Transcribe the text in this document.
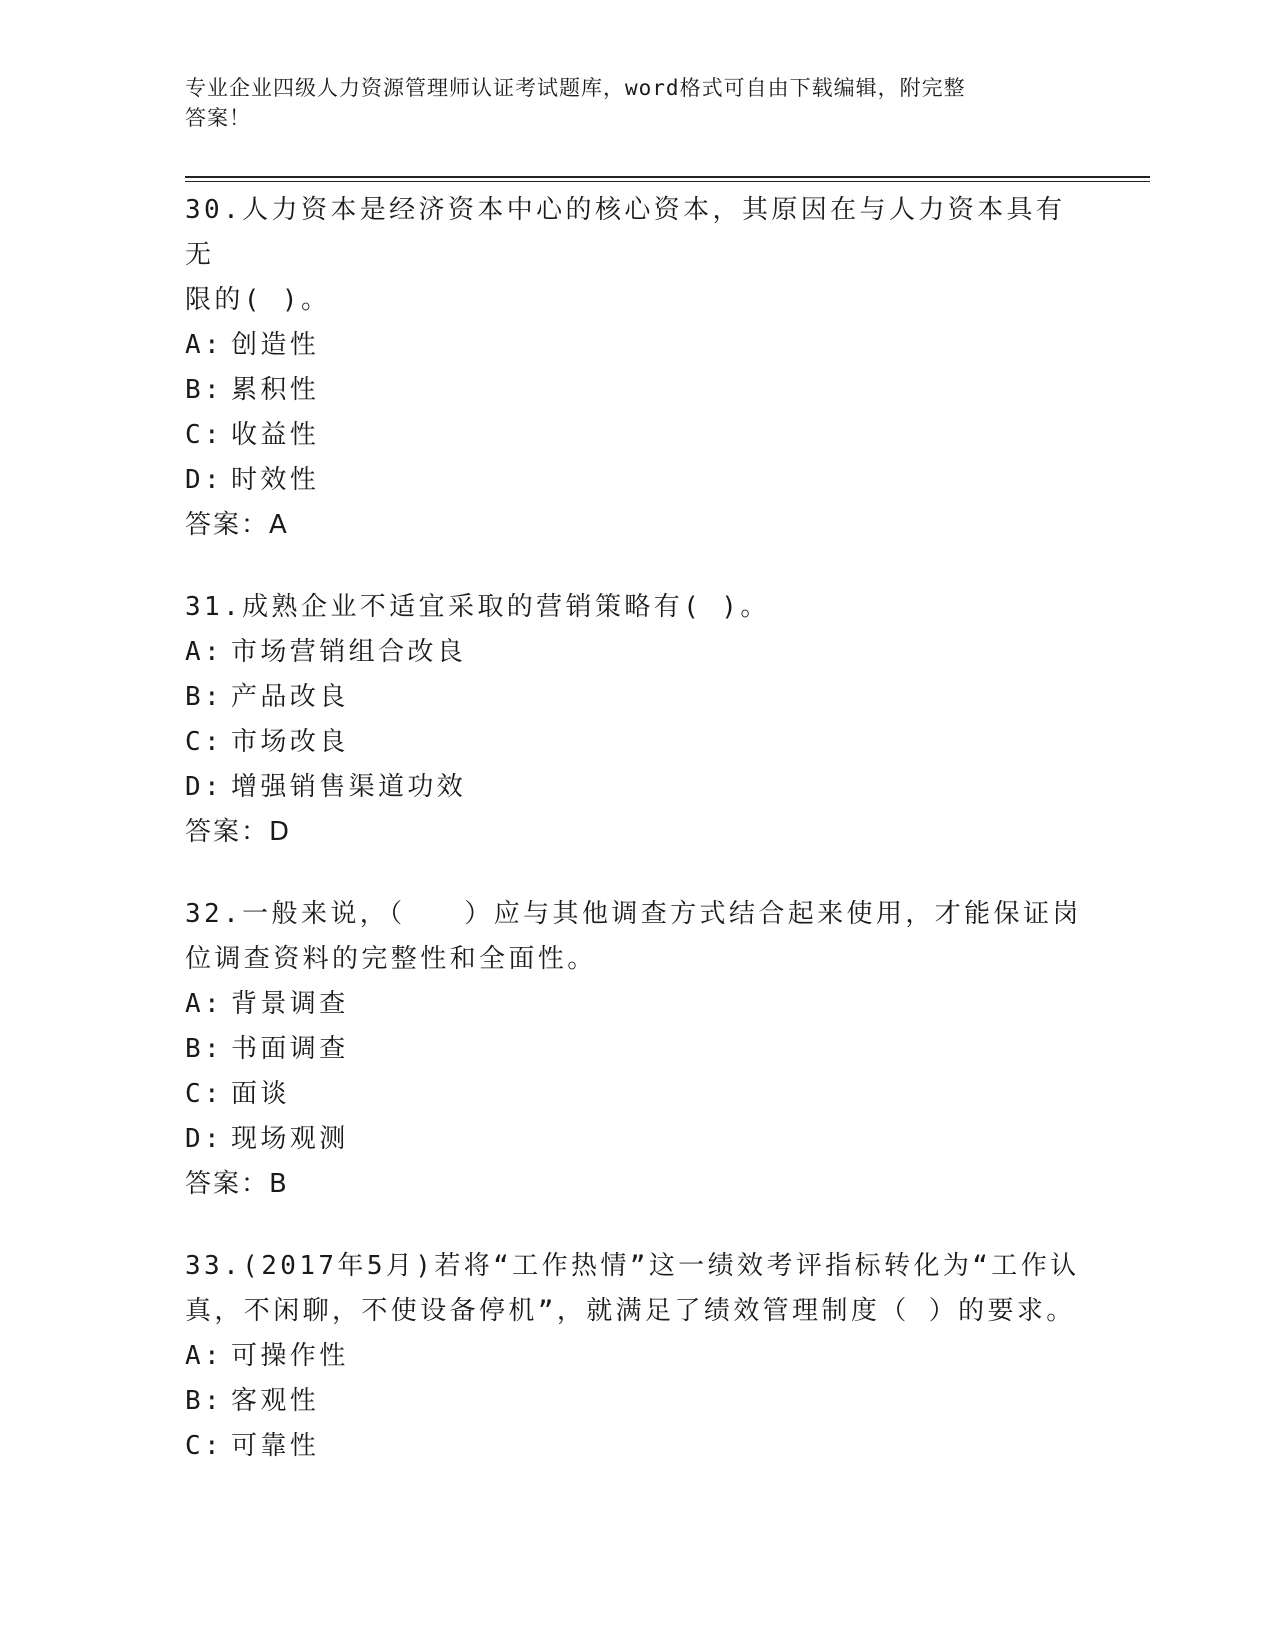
专业企业四级人力资源管理师认证考试题库，word格式可自由下载编辑，附完整
答案！

30.人力资本是经济资本中心的核心资本，其原因在与人力资本具有无
限的( )。

A: 创造性
B: 累积性
C: 收益性
D: 时效性
答案：A

31.成熟企业不适宜采取的营销策略有( )。

A: 市场营销组合改良
B: 产品改良
C: 市场改良
D: 增强销售渠道功效
答案：D

32.一般来说，（　　）应与其他调查方式结合起来使用，才能保证岗
位调查资料的完整性和全面性。

A: 背景调查
B: 书面调查
C: 面谈
D: 现场观测
答案：B

33.(2017年5月)若将“工作热情”这一绩效考评指标转化为“工作认
真，不闲聊，不使设备停机”，就满足了绩效管理制度（ ）的要求。

A: 可操作性
B: 客观性
C: 可靠性
